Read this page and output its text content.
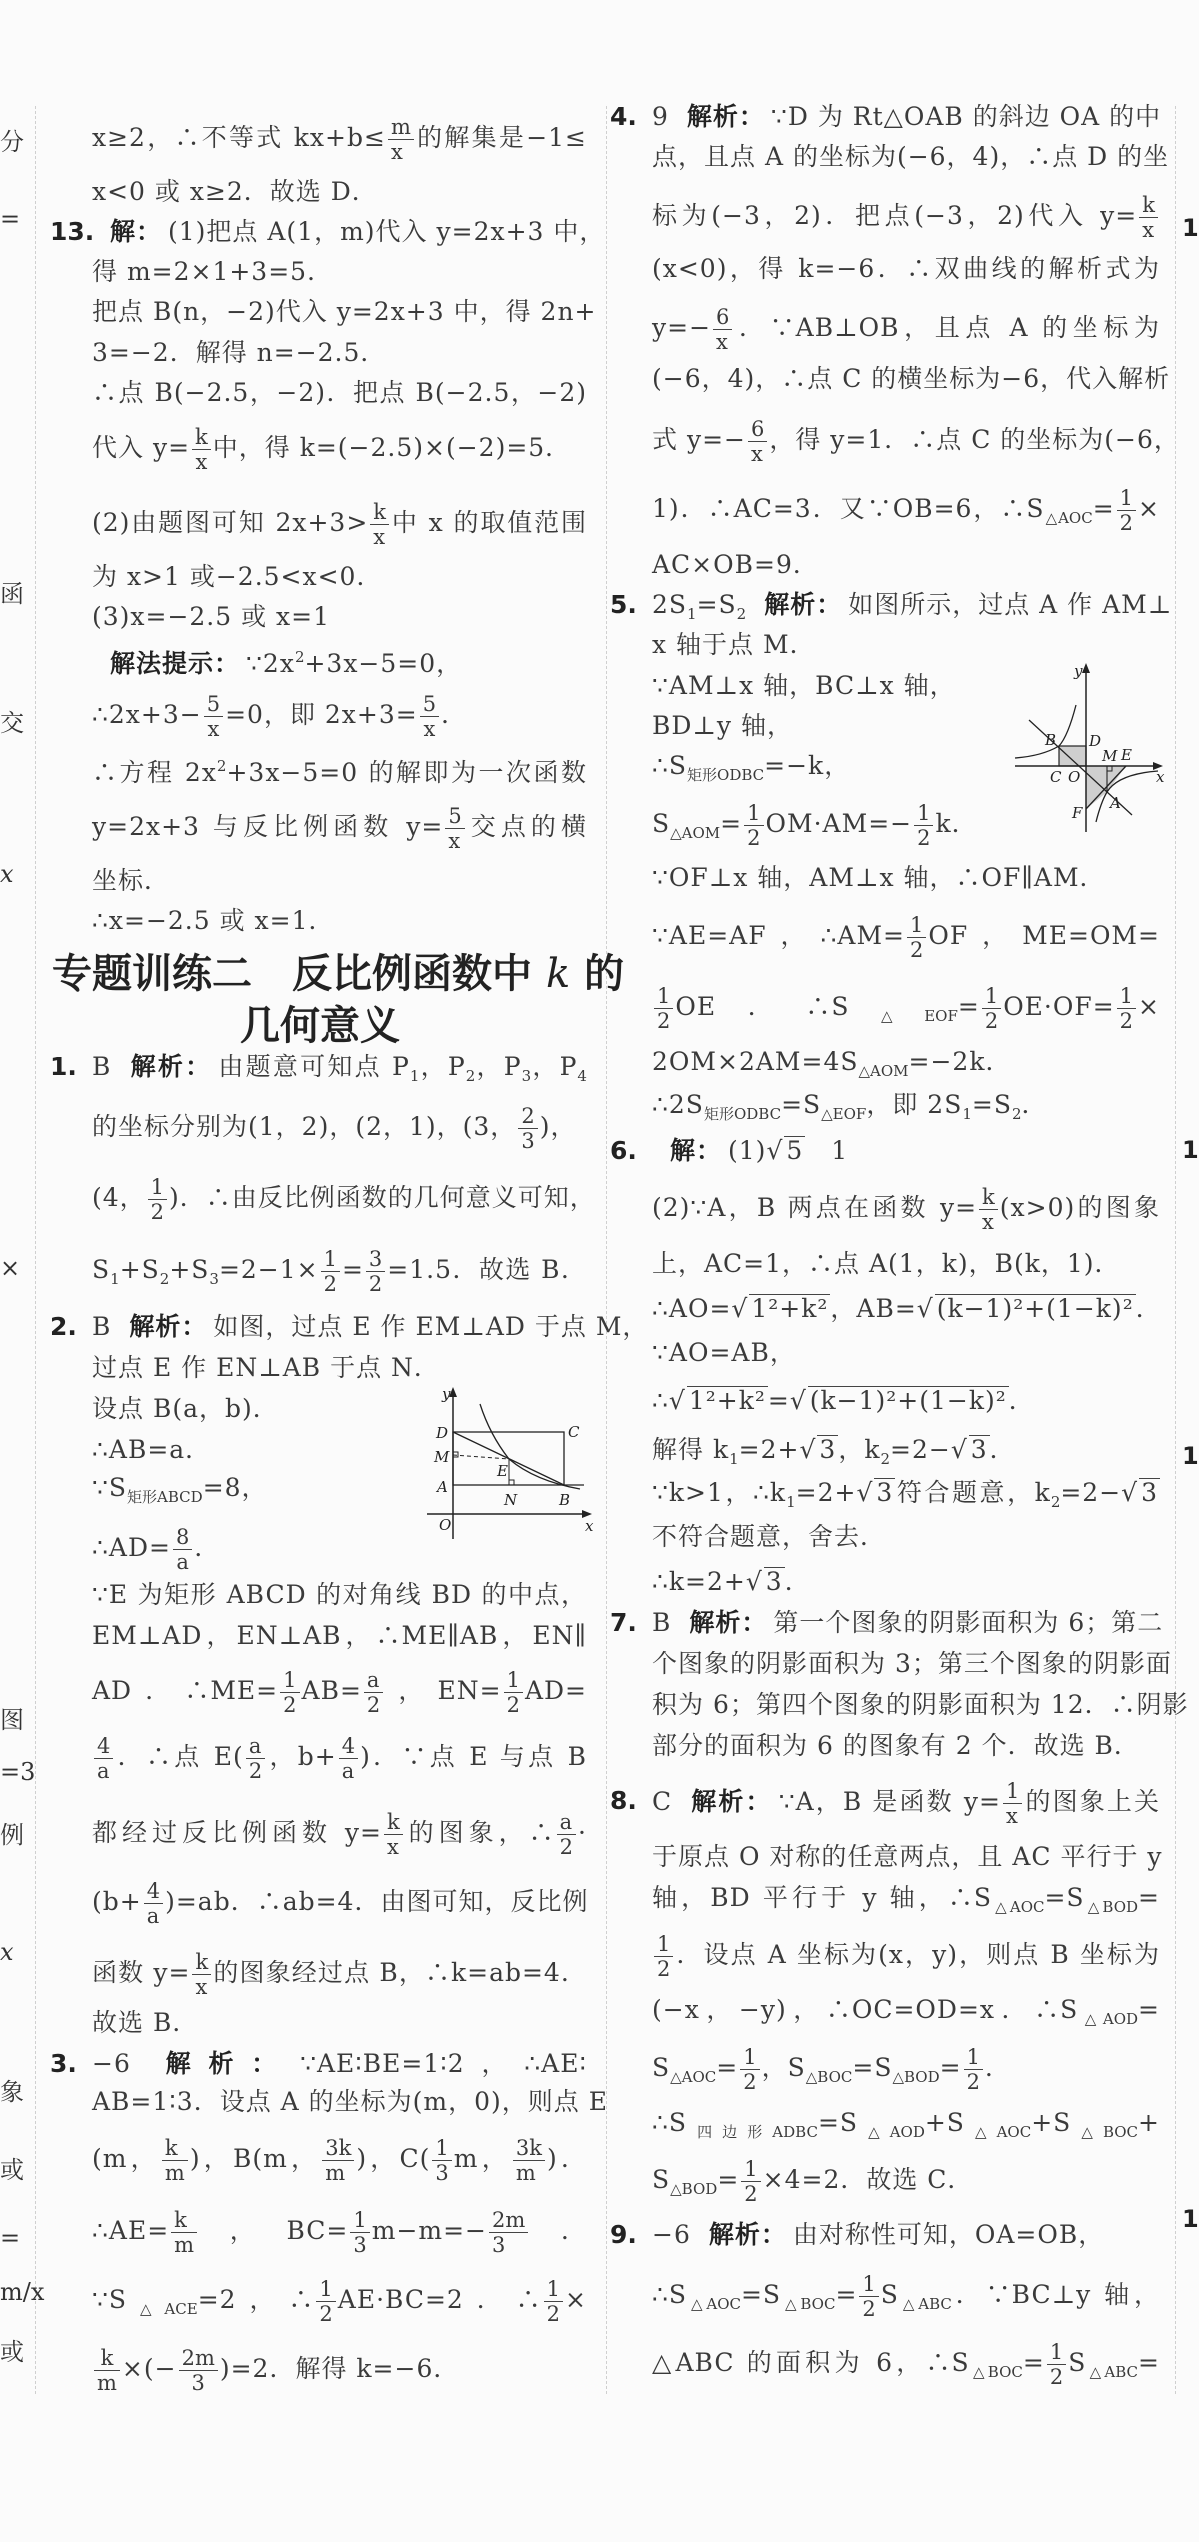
x≥2，∴不等式 $kx+b\le \frac{m}{x}$ 的解集是−1≤
x<0 或 x≥2．故选 D．
13. 解： (1)把点 A(1，m)代入 y=2x+3 中，
得 m=2×1+3=5．
把点 B(n，−2)代入 y=2x+3 中，得 2n+
3=−2．解得 n=−2.5．
∴点 B(−2.5，−2)．把点 B(−2.5，−2)
代入 $y= \frac{k}{x}$ 中，得 k=(−2.5)×(−2)=5．
(2)由题图可知 $2x+3> \frac{k}{x}$ 中 x 的取值范围
为 x>1 或−2.5<x<0．
(3)x=−2.5 或 x=1
解法提示： $\because 2x^2+3x-5=0$，
∴2x+3− $\frac{5}{x} =0$，即 $2x+3= \frac{5}{x}$ ．
∴方程 $2x^2+3x-5=0$ 的解即为一次函数
y=2x+3 与反比例函数 $y= \frac{5}{x}$ 交点的横
坐标．
∴x=−2.5 或 x=1．
1. B 解析： 由题意可知点 $P_1$，$P_2$，$P_3$，$P_4$
的坐标分别为(1，2)，(2，1)，(3， $\frac{2}{3}$ )，
(4， $\frac{1}{2}$ )．∴由反比例函数的几何意义可知，
$S_1+S_2+S_3=2-1\times \frac{1}{2} = \frac{3}{2} =1.5$．故选 B．
2. B 解析： 如图，过点 E 作 EM⊥AD 于点 M，
过点 E 作 EN⊥AB 于点 N．
设点 B(a，b)．
∴AB=a．
$\because S_{矩形ABCD}=8$，
∴AD= $\frac{8}{a}$ ．
∵E 为矩形 ABCD 的对角线 BD 的中点，
EM⊥AD，EN⊥AB，∴ME∥AB，EN∥
AD．∴ME= $\frac{1}{2} AB= \frac{a}{2}$ ，$EN= \frac{1}{2} AD=$
$\frac{4}{a}$ ．∴点 $E( \frac{a}{2}$ ，$b+ \frac{4}{a}$ )．∵点 E 与点 B
都经过反比例函数 $y= \frac{k}{x}$ 的图象，∴ $\frac{a}{2}$ ·
$(b+ \frac{4}{a} )=ab$．∴ab=4．由图可知，反比例
函数 $y= \frac{k}{x}$ 的图象经过点 B，∴k=ab=4．
故选 B．
3. −6 解析： ∵AE∶BE=1∶2，∴AE∶
AB=1∶3．设点 A 的坐标为(m，0)，则点 E
(m， $\frac{k}{m}$ )，B(m， $\frac{3k}{m}$ )，$C( \frac{1}{3}$ m， $\frac{3k}{m}$ )．
∴AE= $\frac{k}{m}$ ，$BC= \frac{1}{3} m-m=- \frac{2m}{3}$ ．
$\because S_{\triangle ACE}=2$，∴ $\frac{1}{2} AE\cdot BC=2$．∴ $\frac{1}{2}$ ×
$\frac{k}{m}$ ×(− $\frac{2m}{3} )=2$．解得 k=−6．
4. 9 解析： ∵D 为 Rt△OAB 的斜边 OA 的中
点，且点 A 的坐标为(−6，4)，∴点 D 的坐
标为(−3，2)．把点(−3，2)代入 $y= \frac{k}{x}$
(x<0)，得 k=−6．∴双曲线的解析式为
$y=- \frac{6}{x}$ ．∵AB⊥OB，且点 A 的坐标为
(−6，4)，∴点 C 的横坐标为−6，代入解析
式 $y=- \frac{6}{x}$ ，得 y=1．∴点 C 的坐标为(−6，
1)．∴AC=3．又∵OB=6，$\therefore S_{\triangle AOC}= \frac{1}{2}$ ×
AC×OB=9．
5. $2S_1=S_2$ 解析： 如图所示，过点 A 作 AM⊥
x 轴于点 M．
∵AM⊥x 轴，BC⊥x 轴，
BD⊥y 轴，
$\therefore S_{矩形ODBC}=-k$，
$S_{\triangle AOM}= \frac{1}{2} OM\cdot AM=- \frac{1}{2}$ k．
∵OF⊥x 轴，AM⊥x 轴，∴OF∥AM．
∵AE=AF，∴AM= $\frac{1}{2}$ OF，ME=OM=
$\frac{1}{2}$ OE．$\therefore S_{\triangle EOF}= \frac{1}{2} OE\cdot OF= \frac{1}{2}$ ×
$2OM\times 2AM=4S_{\triangle AOM}=-2k$．
$\therefore 2S_{矩形ODBC}=S_{\triangle EOF}$，即 $2S_1=S_2$．
6. 解： (1)√ 5　1
(2)∵A，B 两点在函数 $y= \frac{k}{x} (x>0)$的图象
上，AC=1，∴点 A(1，k)，B(k，1)．
∴AO=√ 1²+k²，AB=√ (k−1)²+(1−k)²．
∵AO=AB，
∴√ 1²+k²=√ (k−1)²+(1−k)²．
解得 $k_1=2+√$ 3，$k_2=2-√$ 3．
∵k>1，$\therefore k_1=2+√$ 3符合题意，$k_2=2-√$ 3
不符合题意，舍去．
∴k=2+√ 3．
7. B 解析： 第一个图象的阴影面积为 6；第二
个图象的阴影面积为 3；第三个图象的阴影面
积为 6；第四个图象的阴影面积为 12．∴阴影
部分的面积为 6 的图象有 2 个．故选 B．
8. C 解析： ∵A，B 是函数 $y= \frac{1}{x}$ 的图象上关
于原点 O 对称的任意两点，且 AC 平行于 y
轴，BD 平行于 y 轴，$\therefore S_{\triangle AOC}=S_{\triangle BOD}=$
$\frac{1}{2}$ ．设点 A 坐标为(x，y)，则点 B 坐标为
(−x，−y)，∴OC=OD=x．$\therefore S_{\triangle AOD}=$
$S_{\triangle AOC}= \frac{1}{2}$ ，$S_{\triangle BOC}=S_{\triangle BOD}= \frac{1}{2}$ ．
$\therefore S_{四边形ADBC}=S_{\triangle AOD}+S_{\triangle AOC}+S_{\triangle BOC}+$
$S_{\triangle BOD}= \frac{1}{2} \times 4=2$．故选 C．
9. −6 解析： 由对称性可知，OA=OB，
$\therefore S_{\triangle AOC}=S_{\triangle BOC}= \frac{1}{2} S_{\triangle ABC}$．∵BC⊥y 轴，
△ABC 的面积为 6，$\therefore S_{\triangle BOC}= \frac{1}{2} S_{\triangle ABC}=$
专题训练二　反比例函数中 k 的
几何意义
y
D	C
M
E
A
N	B
O	x
y
B D
M E
C O	x
F
A
分
=
函
交
x
×
图
=3
例
x
象
或
=
m/x
或
1
1
1
1
